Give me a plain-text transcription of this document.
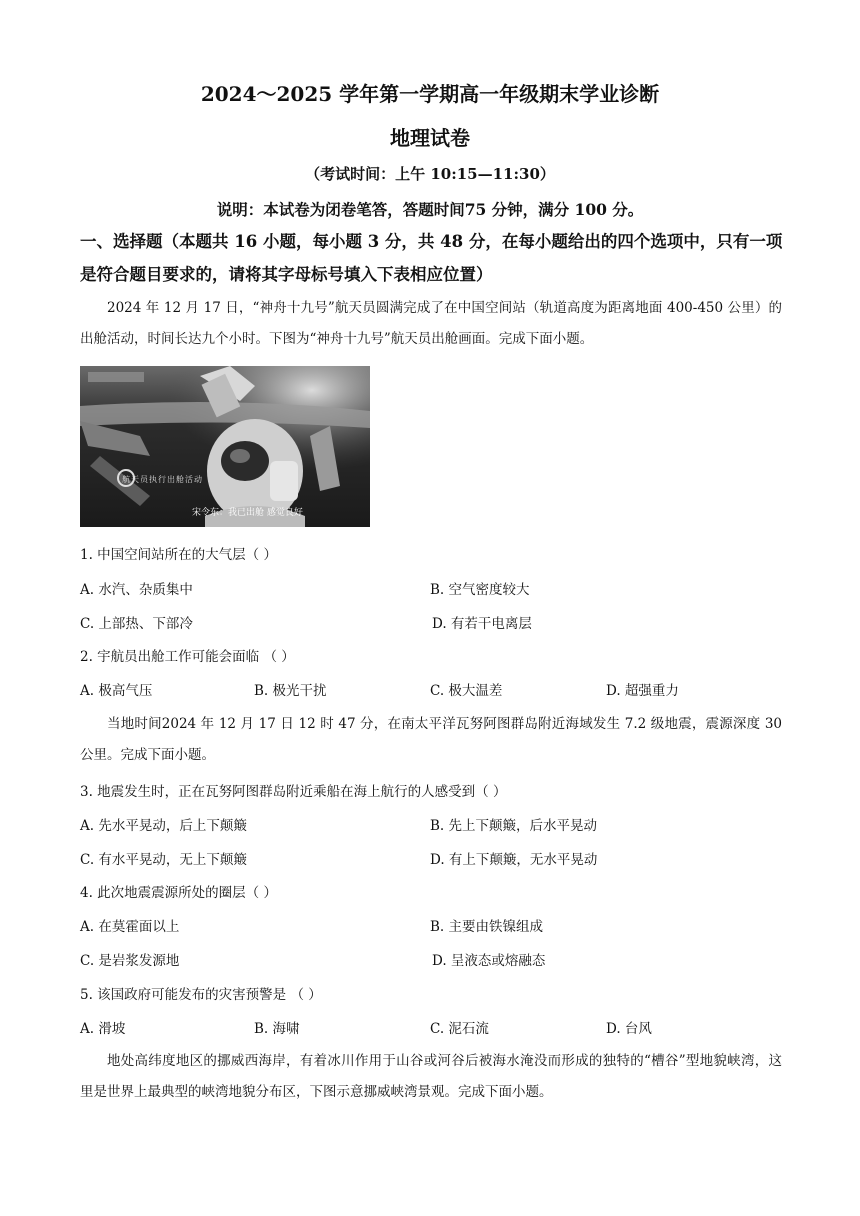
2024～2025 学年第一学期高一年级期末学业诊断
地理试卷
（考试时间：上午 10:15—11:30）
说明：本试卷为闭卷笔答，答题时间75 分钟，满分 100 分。
一、选择题（本题共 16 小题，每小题 3 分，共 48 分，在每小题给出的四个选项中，只有一项是符合题目要求的，请将其字母标号填入下表相应位置）
2024 年 12 月 17 日，“神舟十九号”航天员圆满完成了在中国空间站（轨道高度为距离地面 400-450 公里）的出舱活动，时间长达九个小时。下图为“神舟十九号”航天员出舱画面。完成下面小题。
航天员执行出舱活动
宋令东：我已出舱 感觉良好
1. 中国空间站所在的大气层（ ）
A. 水汽、杂质集中	B. 空气密度较大
C. 上部热、下部冷	D. 有若干电离层
2. 宇航员出舱工作可能会面临 （ ）
A. 极高气压	B. 极光干扰	C. 极大温差	D. 超强重力
当地时间2024 年 12 月 17 日 12 时 47 分，在南太平洋瓦努阿图群岛附近海域发生 7.2 级地震，震源深度 30 公里。完成下面小题。
3. 地震发生时，正在瓦努阿图群岛附近乘船在海上航行的人感受到（ ）
A. 先水平晃动，后上下颠簸	B. 先上下颠簸，后水平晃动
C. 有水平晃动，无上下颠簸	D. 有上下颠簸，无水平晃动
4. 此次地震震源所处的圈层（ ）
A. 在莫霍面以上	B. 主要由铁镍组成
C. 是岩浆发源地	D. 呈液态或熔融态
5. 该国政府可能发布的灾害预警是 （ ）
A. 滑坡	B. 海啸	C. 泥石流	D. 台风
地处高纬度地区的挪威西海岸，有着冰川作用于山谷或河谷后被海水淹没而形成的独特的“槽谷”型地貌峡湾，这里是世界上最典型的峡湾地貌分布区，下图示意挪威峡湾景观。完成下面小题。
